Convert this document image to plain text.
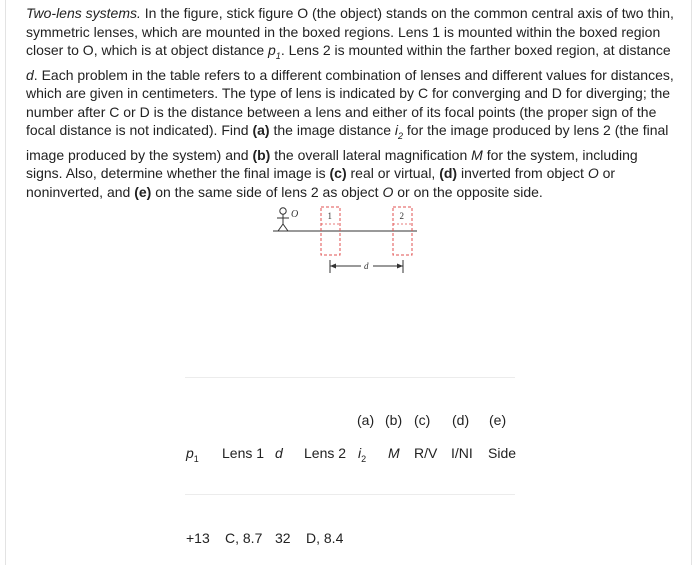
Two-lens systems. In the figure, stick figure O (the object) stands on the common central axis of two thin, symmetric lenses, which are mounted in the boxed regions. Lens 1 is mounted within the boxed region closer to O, which is at object distance $p_1$. Lens 2 is mounted within the farther boxed region, at distance d. Each problem in the table refers to a different combination of lenses and different values for distances, which are given in centimeters. The type of lens is indicated by C for converging and D for diverging; the number after C or D is the distance between a lens and either of its focal points (the proper sign of the focal distance is not indicated). Find (a) the image distance $i_2$ for the image produced by lens 2 (the final image produced by the system) and (b) the overall lateral magnification M for the system, including signs. Also, determine whether the final image is (c) real or virtual, (d) inverted from object O or noninverted, and (e) on the same side of lens 2 as object O or on the opposite side.

O	1	2
d
(a) (b) (c) (d) (e)
$p_1$ Lens 1 d Lens 2 $i_2$ M R/V I/NI Side
+13 C, 8.7 32 D, 8.4
